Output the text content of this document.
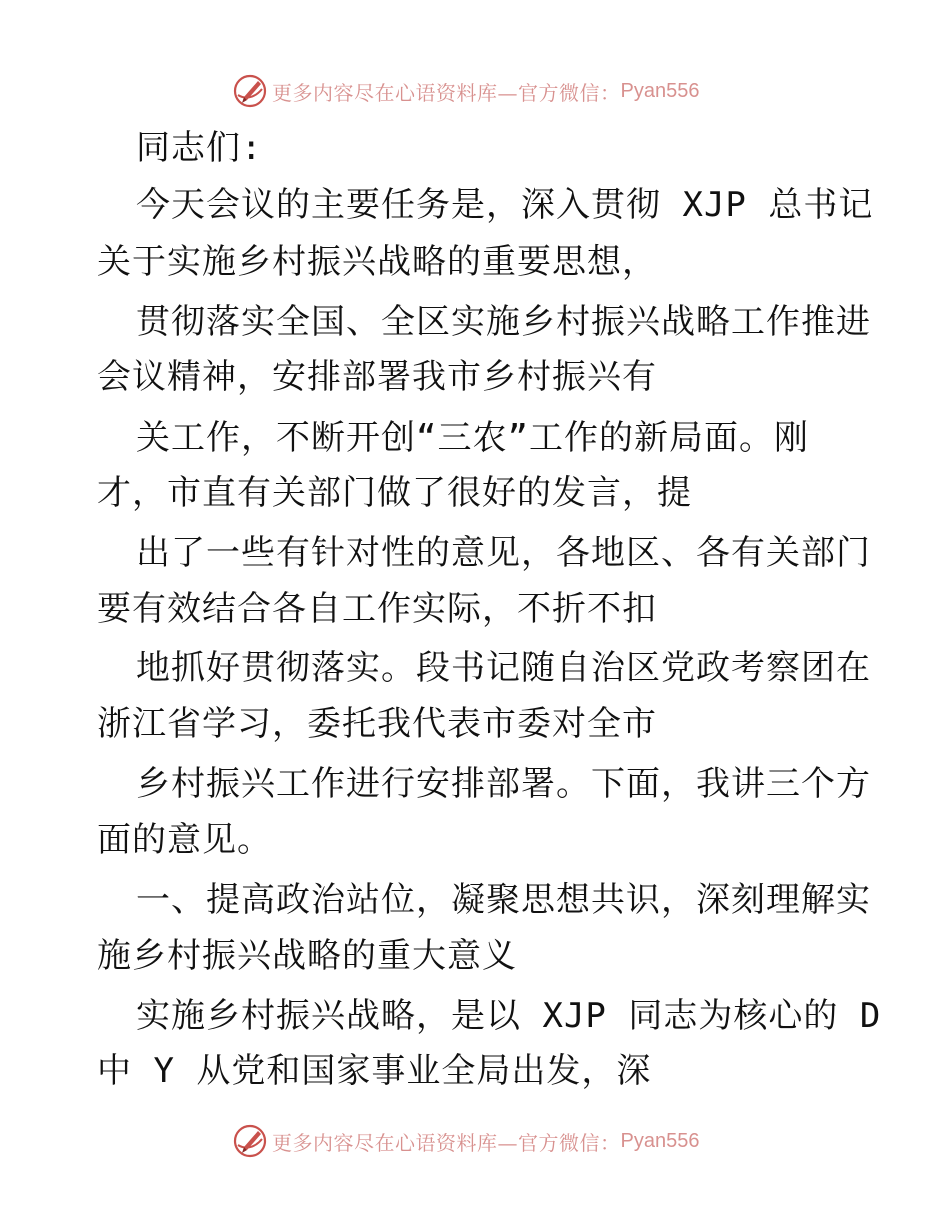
更多内容尽在心语资料库—官方微信： Pyan556
同志们:
今天会议的主要任务是，深入贯彻 XJP 总书记
关于实施乡村振兴战略的重要思想，
贯彻落实全国、全区实施乡村振兴战略工作推进
会议精神，安排部署我市乡村振兴有
关工作，不断开创“三农”工作的新局面。刚
才，市直有关部门做了很好的发言，提
出了一些有针对性的意见，各地区、各有关部门
要有效结合各自工作实际，不折不扣
地抓好贯彻落实。段书记随自治区党政考察团在
浙江省学习，委托我代表市委对全市
乡村振兴工作进行安排部署。下面，我讲三个方
面的意见。
一、提高政治站位，凝聚思想共识，深刻理解实
施乡村振兴战略的重大意义
实施乡村振兴战略，是以 XJP 同志为核心的 D
中 Y 从党和国家事业全局出发，深
更多内容尽在心语资料库—官方微信： Pyan556
